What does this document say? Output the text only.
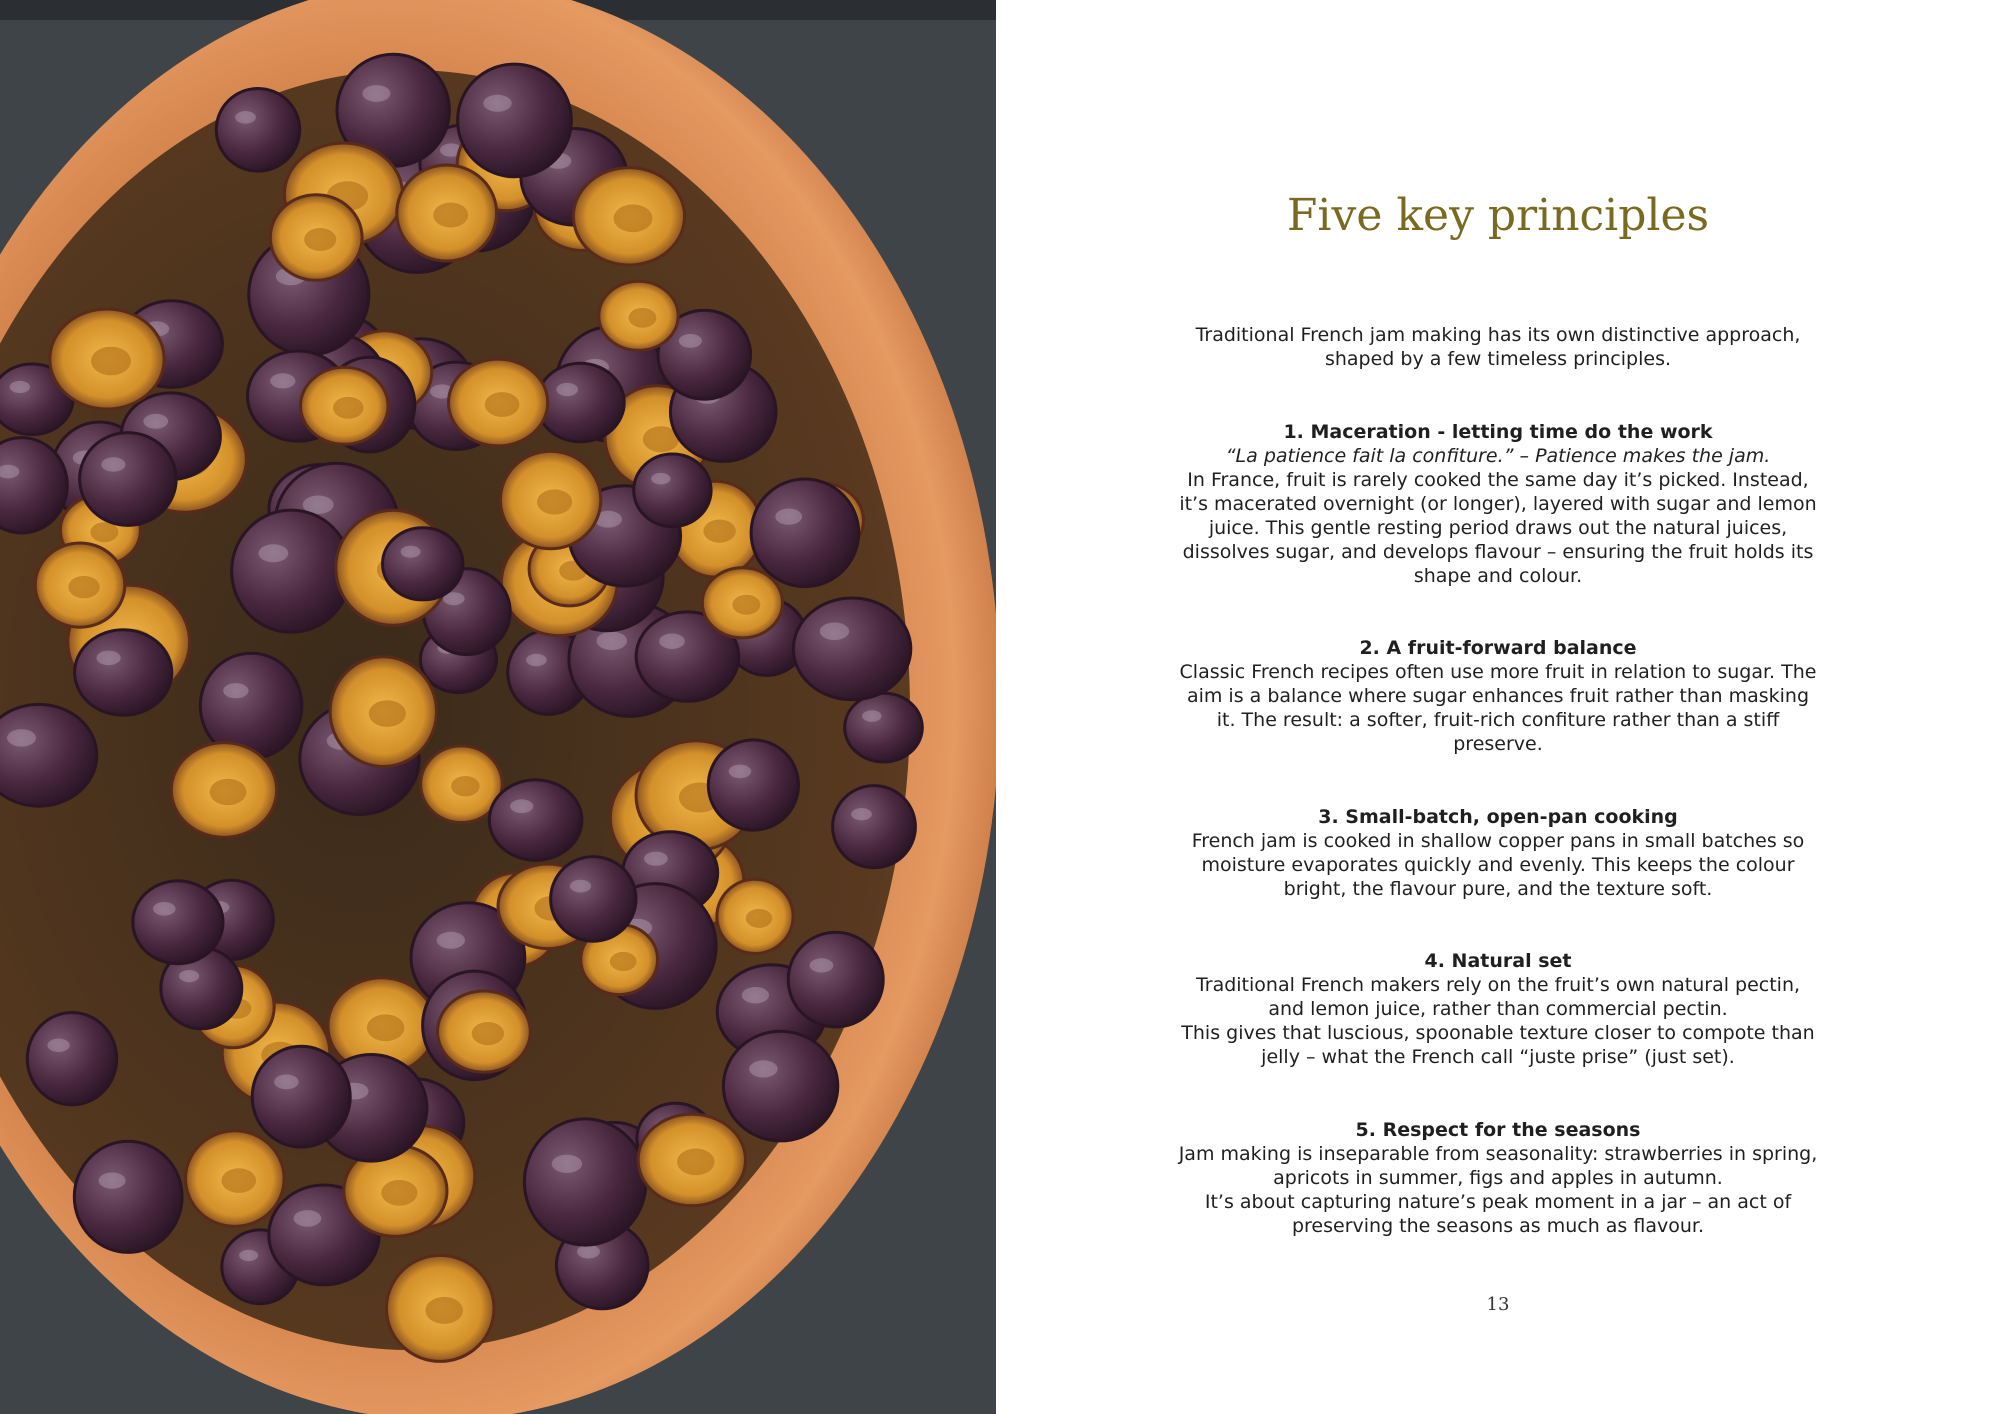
Five key principles

Traditional French jam making has its own distinctive approach, shaped by a few timeless principles.

1. Maceration - letting time do the work

“La patience fait la confiture.” – Patience makes the jam.

In France, fruit is rarely cooked the same day it’s picked. Instead, it’s macerated overnight (or longer), layered with sugar and lemon juice. This gentle resting period draws out the natural juices, dissolves sugar, and develops flavour – ensuring the fruit holds its shape and colour.

2. A fruit-forward balance

Classic French recipes often use more fruit in relation to sugar. The aim is a balance where sugar enhances fruit rather than masking it. The result: a softer, fruit-rich confiture rather than a stiff preserve.

3. Small-batch, open-pan cooking

French jam is cooked in shallow copper pans in small batches so moisture evaporates quickly and evenly. This keeps the colour bright, the flavour pure, and the texture soft.

4. Natural set

Traditional French makers rely on the fruit’s own natural pectin, and lemon juice, rather than commercial pectin.
This gives that luscious, spoonable texture closer to compote than jelly – what the French call “juste prise” (just set).

5. Respect for the seasons

Jam making is inseparable from seasonality: strawberries in spring, apricots in summer, figs and apples in autumn.
It’s about capturing nature’s peak moment in a jar – an act of preserving the seasons as much as flavour.

13
